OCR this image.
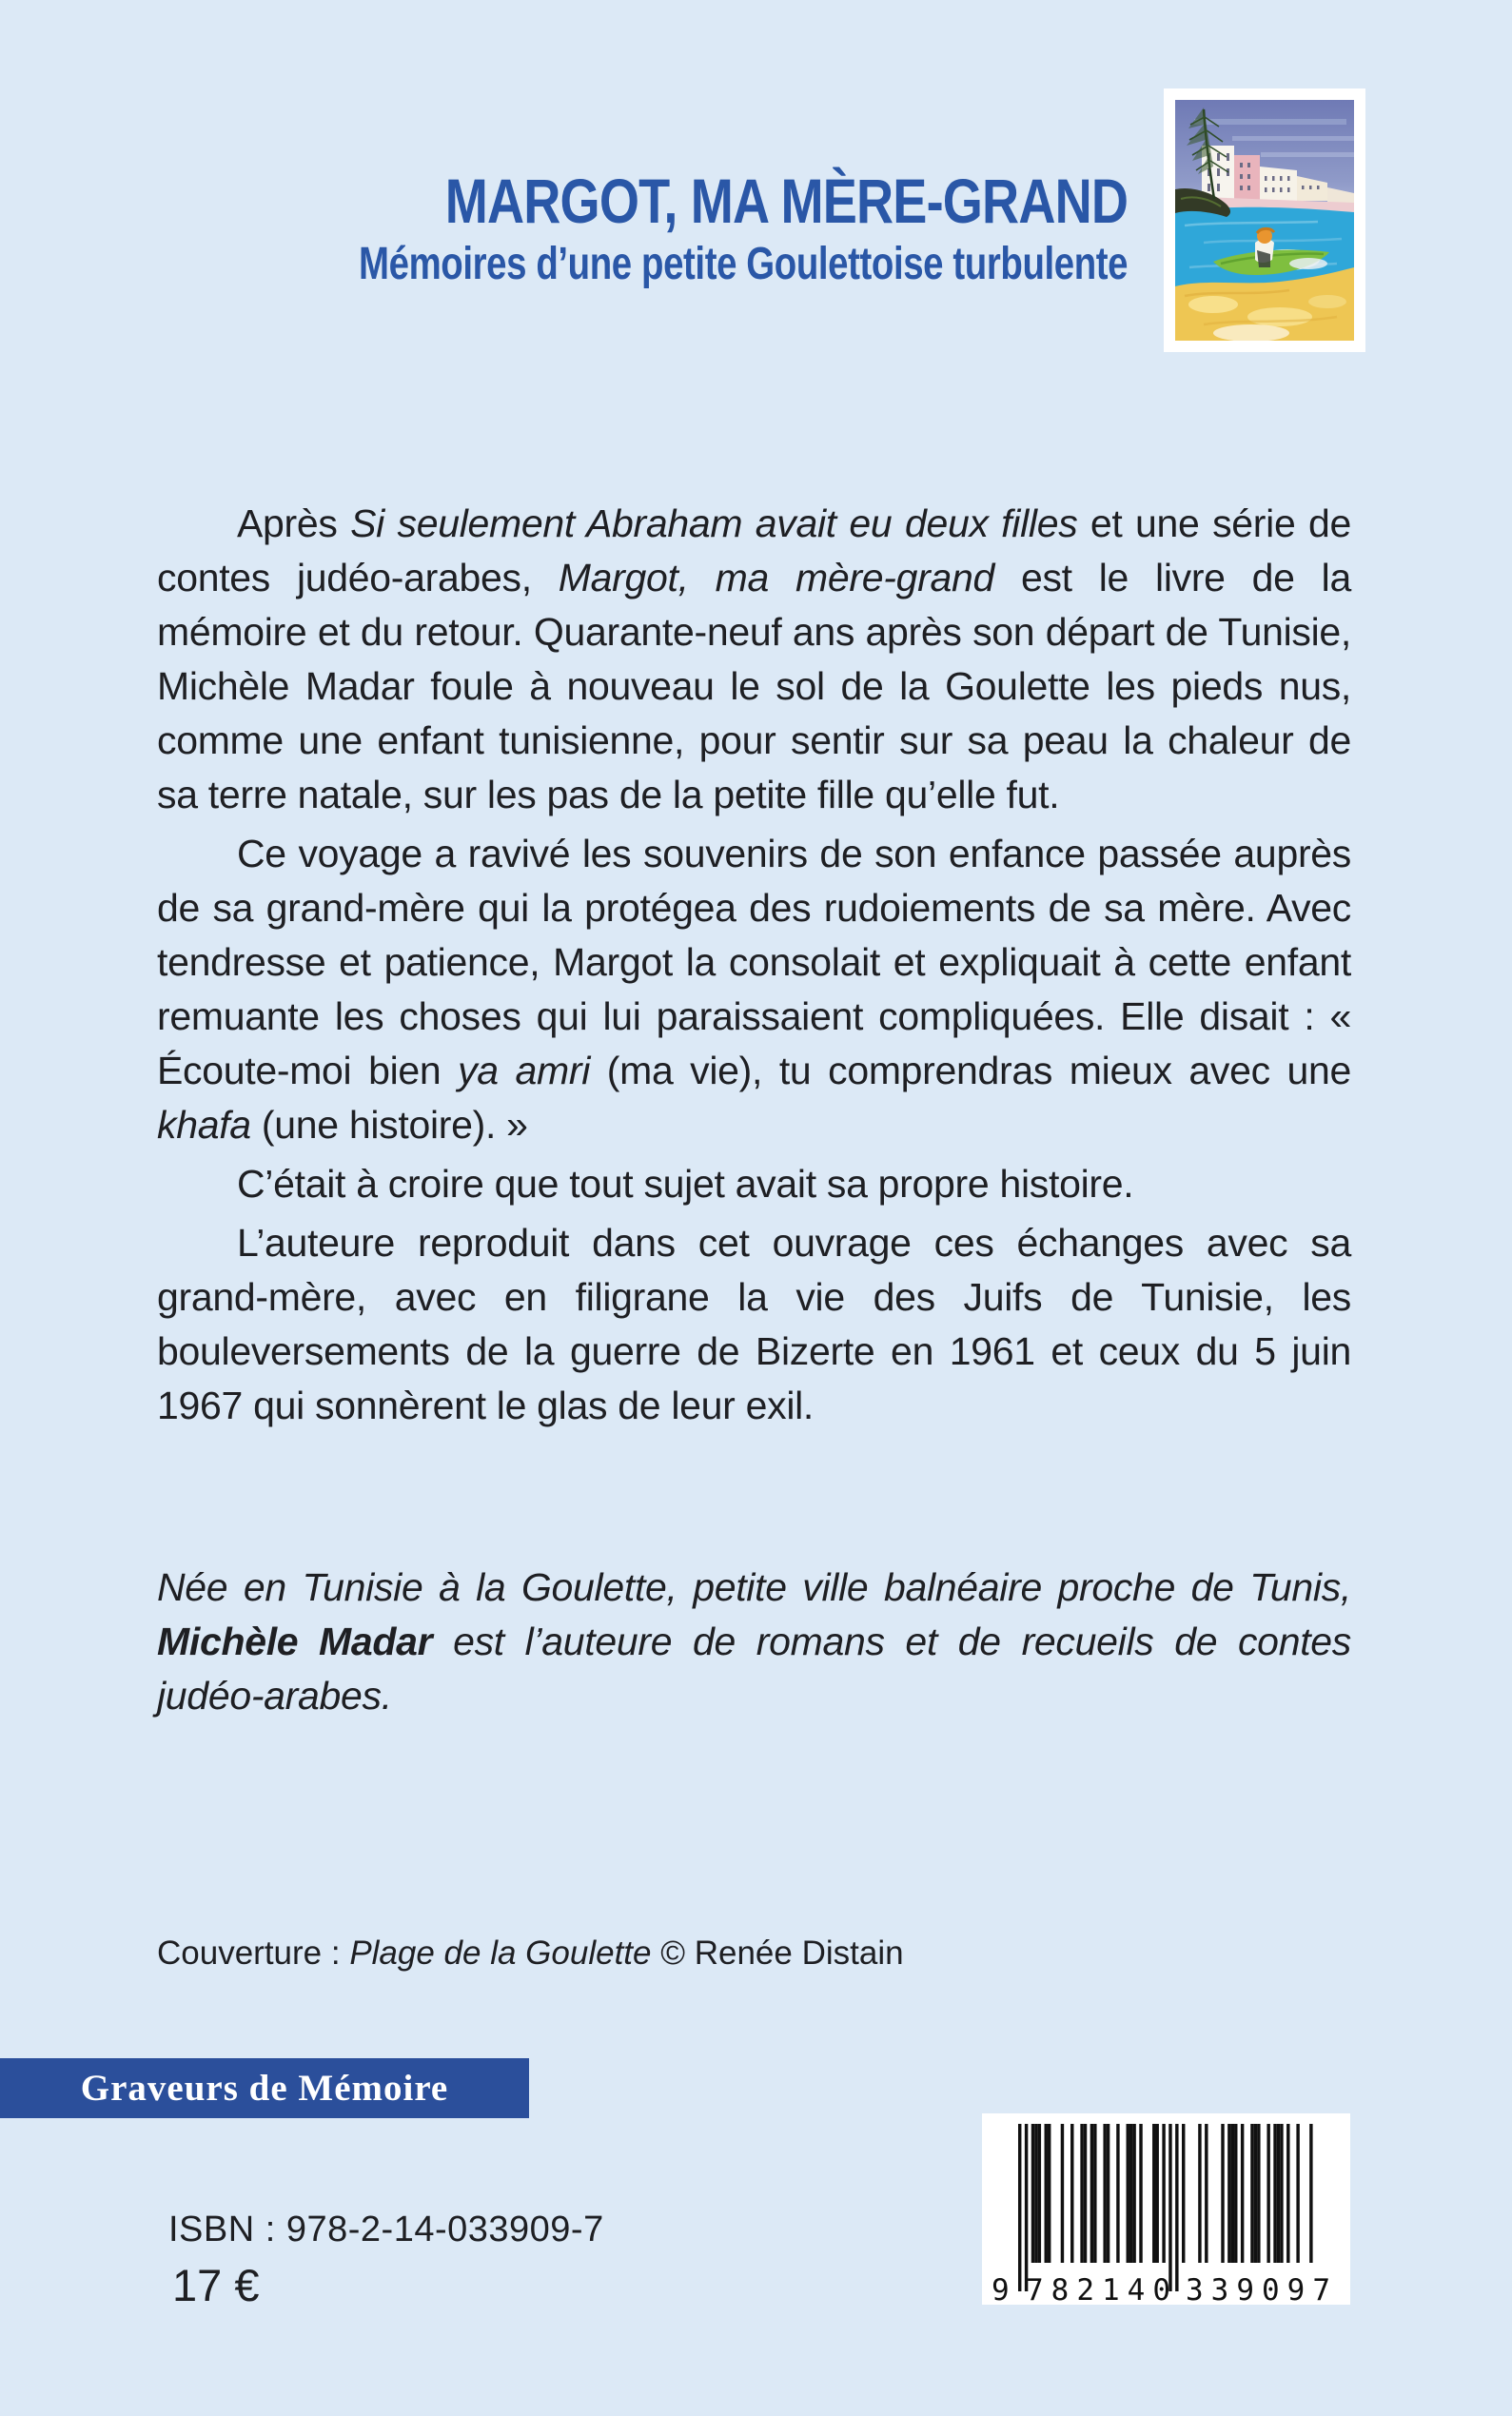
MARGOT, MA MÈRE-GRAND
Mémoires d’une petite Goulettoise turbulente

Après Si seulement Abraham avait eu deux filles et une série de contes judéo-arabes, Margot, ma mère-grand est le livre de la mémoire et du retour. Quarante-neuf ans après son départ de Tunisie, Michèle Madar foule à nouveau le sol de la Goulette les pieds nus, comme une enfant tunisienne, pour sentir sur sa peau la chaleur de sa terre natale, sur les pas de la petite fille qu’elle fut.

Ce voyage a ravivé les souvenirs de son enfance passée auprès de sa grand-mère qui la protégea des rudoiements de sa mère. Avec tendresse et patience, Margot la consolait et expliquait à cette enfant remuante les choses qui lui paraissaient compliquées. Elle disait : « Écoute-moi bien ya amri (ma vie), tu comprendras mieux avec une khafa (une histoire). »

C’était à croire que tout sujet avait sa propre histoire.

L’auteure reproduit dans cet ouvrage ces échanges avec sa grand-mère, avec en filigrane la vie des Juifs de Tunisie, les bouleversements de la guerre de Bizerte en 1961 et ceux du 5 juin 1967 qui sonnèrent le glas de leur exil.

Née en Tunisie à la Goulette, petite ville balnéaire proche de Tunis, Michèle Madar est l’auteure de romans et de recueils de contes judéo-arabes.

Couverture : Plage de la Goulette © Renée Distain
Graveurs de Mémoire
ISBN : 978-2-14-033909-7
17 €	9 782140 339097
